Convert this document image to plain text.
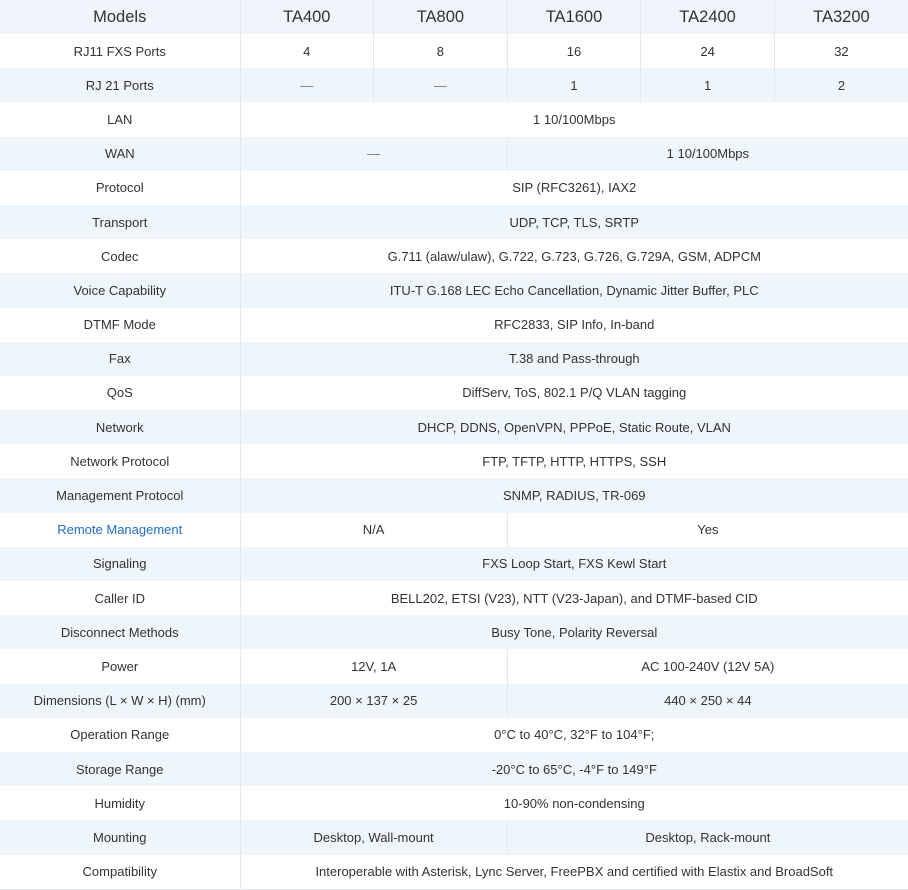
Models	TA400	TA800	TA1600	TA2400	TA3200
RJ11 FXS Ports	4	8	16	24	32
RJ 21 Ports	—	—	1	1	2
LAN	1 10/100Mbps				
WAN	—		1 10/100Mbps		
Protocol	SIP (RFC3261), IAX2				
Transport	UDP, TCP, TLS, SRTP				
Codec	G.711 (alaw/ulaw), G.722, G.723, G.726, G.729A, GSM, ADPCM				
Voice Capability	ITU-T G.168 LEC Echo Cancellation, Dynamic Jitter Buffer, PLC				
DTMF Mode	RFC2833, SIP Info, In-band				
Fax	T.38 and Pass-through				
QoS	DiffServ, ToS, 802.1 P/Q VLAN tagging				
Network	DHCP, DDNS, OpenVPN, PPPoE, Static Route, VLAN				
Network Protocol	FTP, TFTP, HTTP, HTTPS, SSH				
Management Protocol	SNMP, RADIUS, TR-069				
Remote Management	N/A		Yes		
Signaling	FXS Loop Start, FXS Kewl Start				
Caller ID	BELL202, ETSI (V23), NTT (V23-Japan), and DTMF-based CID				
Disconnect Methods	Busy Tone, Polarity Reversal				
Power	12V, 1A		AC 100-240V (12V 5A)		
Dimensions (L × W × H) (mm)	200 × 137 × 25		440 × 250 × 44		
Operation Range	0°C to 40°C, 32°F to 104°F;				
Storage Range	-20°C to 65°C, -4°F to 149°F				
Humidity	10-90% non-condensing				
Mounting	Desktop, Wall-mount		Desktop, Rack-mount		
Compatibility	Interoperable with Asterisk, Lync Server, FreePBX and certified with Elastix and BroadSoft				
